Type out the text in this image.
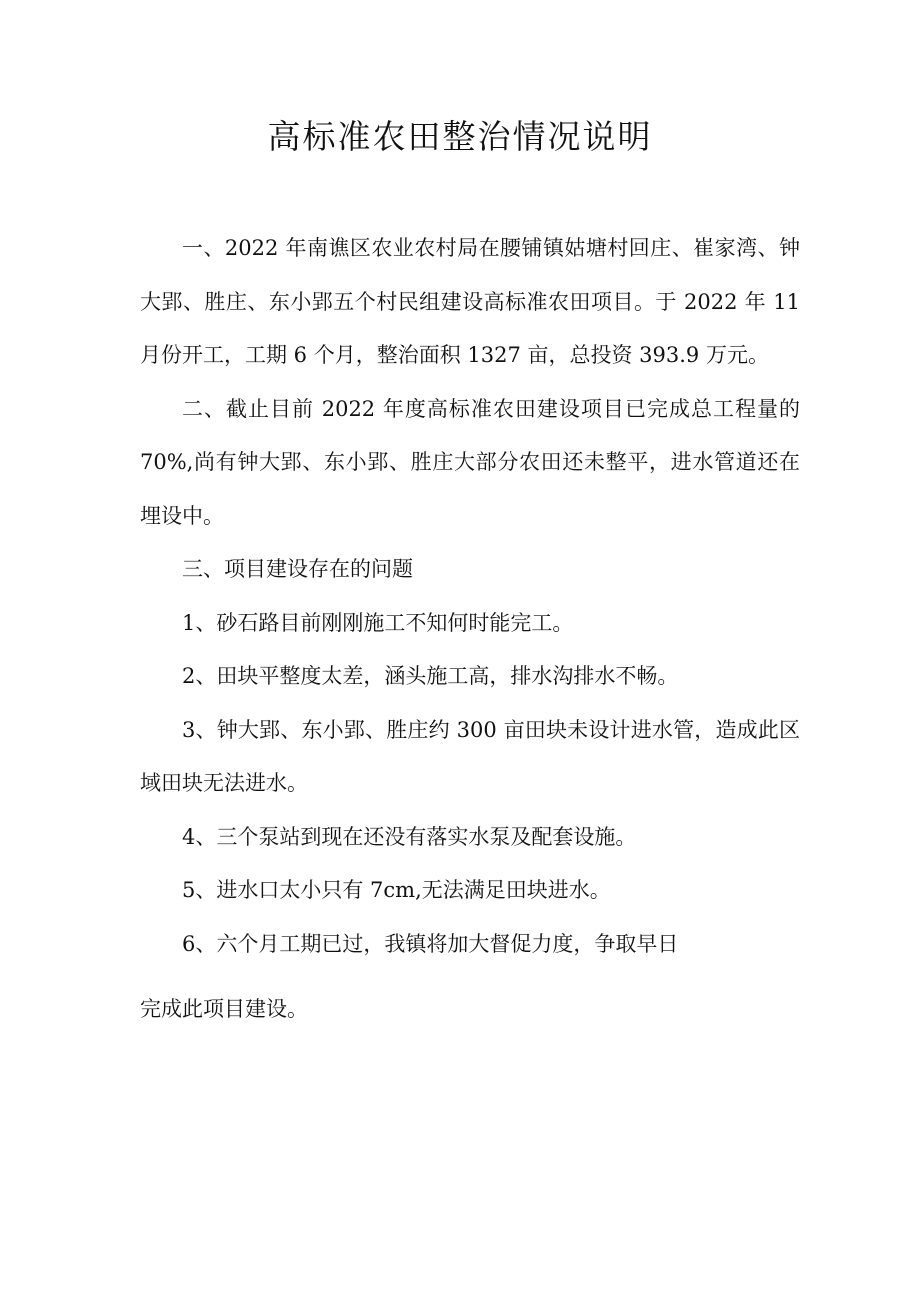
高标准农田整治情况说明

一、2022 年南谯区农业农村局在腰铺镇姑塘村回庄、崔家湾、钟大郢、胜庄、东小郢五个村民组建设高标准农田项目。于 2022 年 11 月份开工，工期 6 个月，整治面积 1327 亩，总投资 393.9 万元。

二、截止目前 2022 年度高标准农田建设项目已完成总工程量的 70%,尚有钟大郢、东小郢、胜庄大部分农田还未整平，进水管道还在埋设中。

三、项目建设存在的问题

1、砂石路目前刚刚施工不知何时能完工。

2、田块平整度太差，涵头施工高，排水沟排水不畅。

3、钟大郢、东小郢、胜庄约 300 亩田块未设计进水管，造成此区域田块无法进水。

4、三个泵站到现在还没有落实水泵及配套设施。

5、进水口太小只有 7cm,无法满足田块进水。

6、六个月工期已过，我镇将加大督促力度，争取早日

完成此项目建设。
